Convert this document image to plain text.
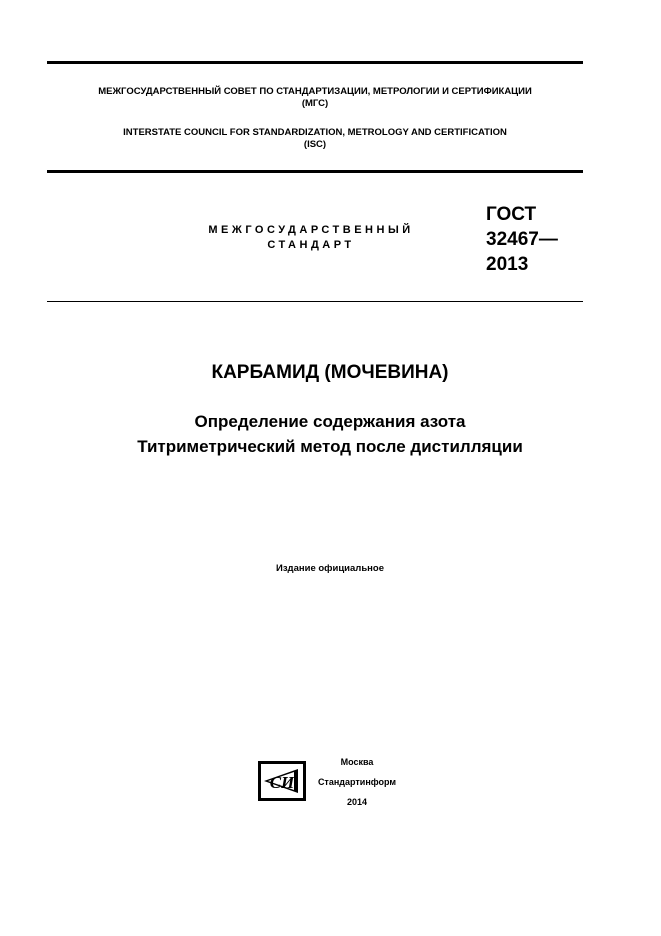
МЕЖГОСУДАРСТВЕННЫЙ СОВЕТ ПО СТАНДАРТИЗАЦИИ, МЕТРОЛОГИИ И СЕРТИФИКАЦИИ
(МГС)
INTERSTATE COUNCIL FOR STANDARDIZATION, METROLOGY AND CERTIFICATION
(ISC)
МЕЖГОСУДАРСТВЕННЫЙ
СТАНДАРТ
ГОСТ
32467—
2013
КАРБАМИД (МОЧЕВИНА)
Определение содержания азота
Титриметрический метод после дистилляции
Издание официальное
СИ
Москва
Стандартинформ
2014
